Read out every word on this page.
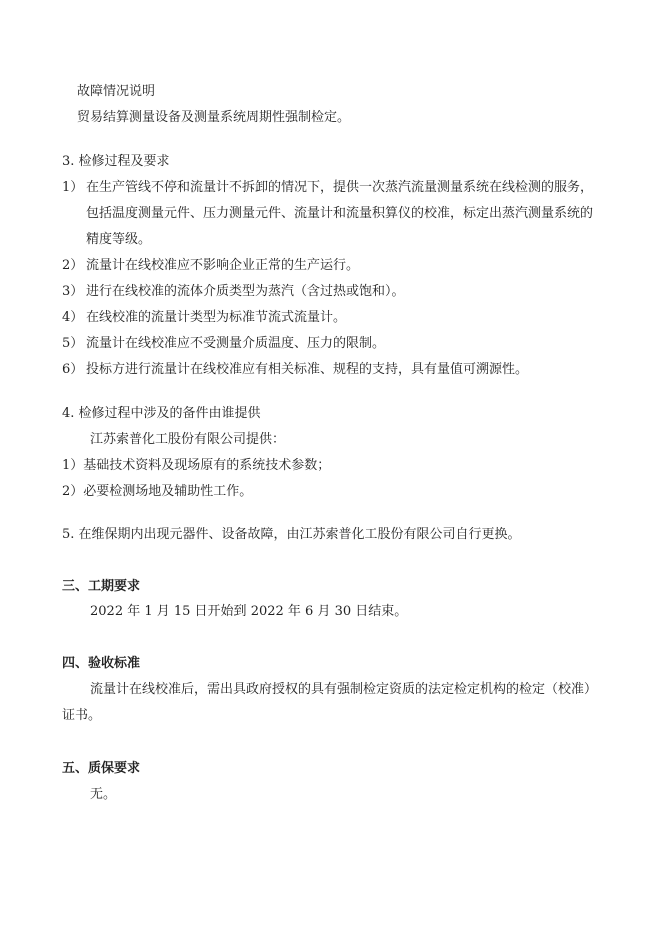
故障情况说明
贸易结算测量设备及测量系统周期性强制检定。
3. 检修过程及要求
1） 在生产管线不停和流量计不拆卸的情况下，提供一次蒸汽流量测量系统在线检测的服务，
包括温度测量元件、压力测量元件、流量计和流量积算仪的校准，标定出蒸汽测量系统的
精度等级。
2） 流量计在线校准应不影响企业正常的生产运行。
3） 进行在线校准的流体介质类型为蒸汽（含过热或饱和）。
4） 在线校准的流量计类型为标准节流式流量计。
5） 流量计在线校准应不受测量介质温度、压力的限制。
6） 投标方进行流量计在线校准应有相关标准、规程的支持，具有量值可溯源性。
4. 检修过程中涉及的备件由谁提供
江苏索普化工股份有限公司提供：
1）基础技术资料及现场原有的系统技术参数；
2）必要检测场地及辅助性工作。
5. 在维保期内出现元器件、设备故障，由江苏索普化工股份有限公司自行更换。
三、工期要求
2022 年 1 月 15 日开始到 2022 年 6 月 30 日结束。
四、验收标准
流量计在线校准后，需出具政府授权的具有强制检定资质的法定检定机构的检定（校准）
证书。
五、质保要求
无。
